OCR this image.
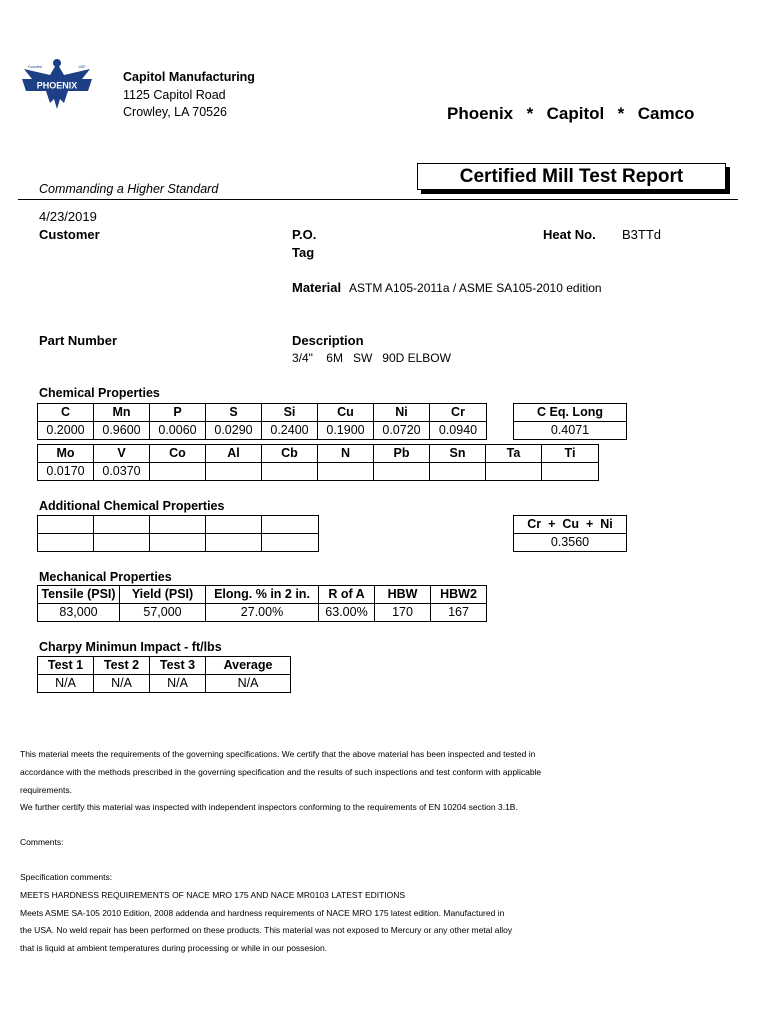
Founded	1987
PHOENIX
Capitol Manufacturing
1125 Capitol Road
Crowley, LA 70526	Phoenix  *  Capitol  *  Camco
Certified Mill Test Report
Commanding a Higher Standard
4/23/2019
Customer	P.O.
Tag
Heat No. B3TTd
Material ASTM A105-2011a / ASME SA105-2010 edition
Part Number	Description
3/4"    6M   SW   90D ELBOW
Chemical Properties
C	Mn	P	S	Si	Cu	Ni	Cr
0.2000	0.9600	0.0060	0.0290	0.2400	0.1900	0.0720	0.0940
C Eq. Long
0.4071
Mo	V	Co	Al	Cb	N	Pb	Sn	Ta	Ti
0.0170	0.0370								
Additional Chemical Properties

Cr  +  Cu  +  Ni
0.3560
Mechanical Properties
Tensile (PSI)	Yield (PSI)	Elong. % in 2 in.	R of A	HBW	HBW2
83,000	57,000	27.00%	63.00%	170	167
Charpy Minimun Impact - ft/lbs
Test 1	Test 2	Test 3	Average
N/A	N/A	N/A	N/A
This material meets the requirements of the governing specifications. We certify that the above material has been inspected and tested in
accordance with the methods prescribed in the governing specification and the results of such inspections and test conform with applicable
requirements.
We further certify this material was inspected with independent inspectors conforming to the requirements of EN 10204 section 3.1B.
Comments:
Specification comments:
MEETS HARDNESS REQUIREMENTS OF NACE MRO 175 AND NACE MR0103 LATEST EDITIONS
Meets ASME SA-105 2010 Edition, 2008 addenda and hardness requirements of NACE MRO 175 latest edition. Manufactured in
the USA. No weld repair has been performed on these products. This material was not exposed to Mercury or any other metal alloy
that is liquid at ambient temperatures during processing or while in our possesion.
